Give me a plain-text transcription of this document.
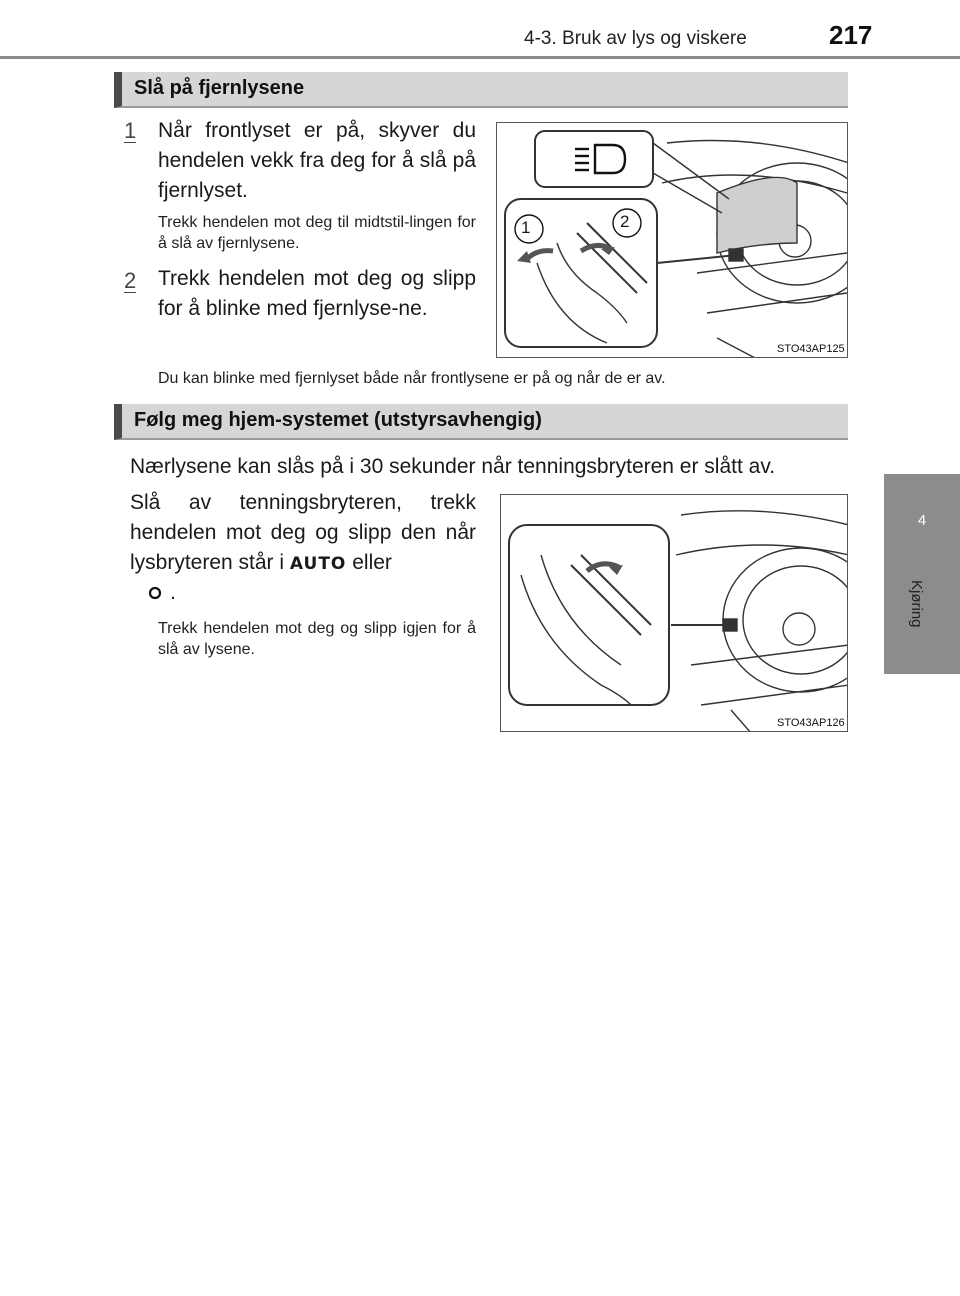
4-3. Bruk av lys og viskere	217
4
Kjøring
Slå på fjernlysene
1 Når frontlyset er på, skyver du hendelen vekk fra deg for å slå på fjernlyset.
Trekk hendelen mot deg til midtstil-lingen for å slå av fjernlysene.
2 Trekk hendelen mot deg og slipp for å blinke med fjernlyse-ne.
1	2
STO43AP125
Du kan blinke med fjernlyset både når frontlysene er på og når de er av.
Følg meg hjem-systemet (utstyrsavhengig)
Nærlysene kan slås på i 30 sekunder når tenningsbryteren er slått av.
Slå av tenningsbryteren, trekk hendelen mot deg og slipp den når lysbryteren står i AUTO eller
.
Trekk hendelen mot deg og slipp igjen for å slå av lysene.
STO43AP126
